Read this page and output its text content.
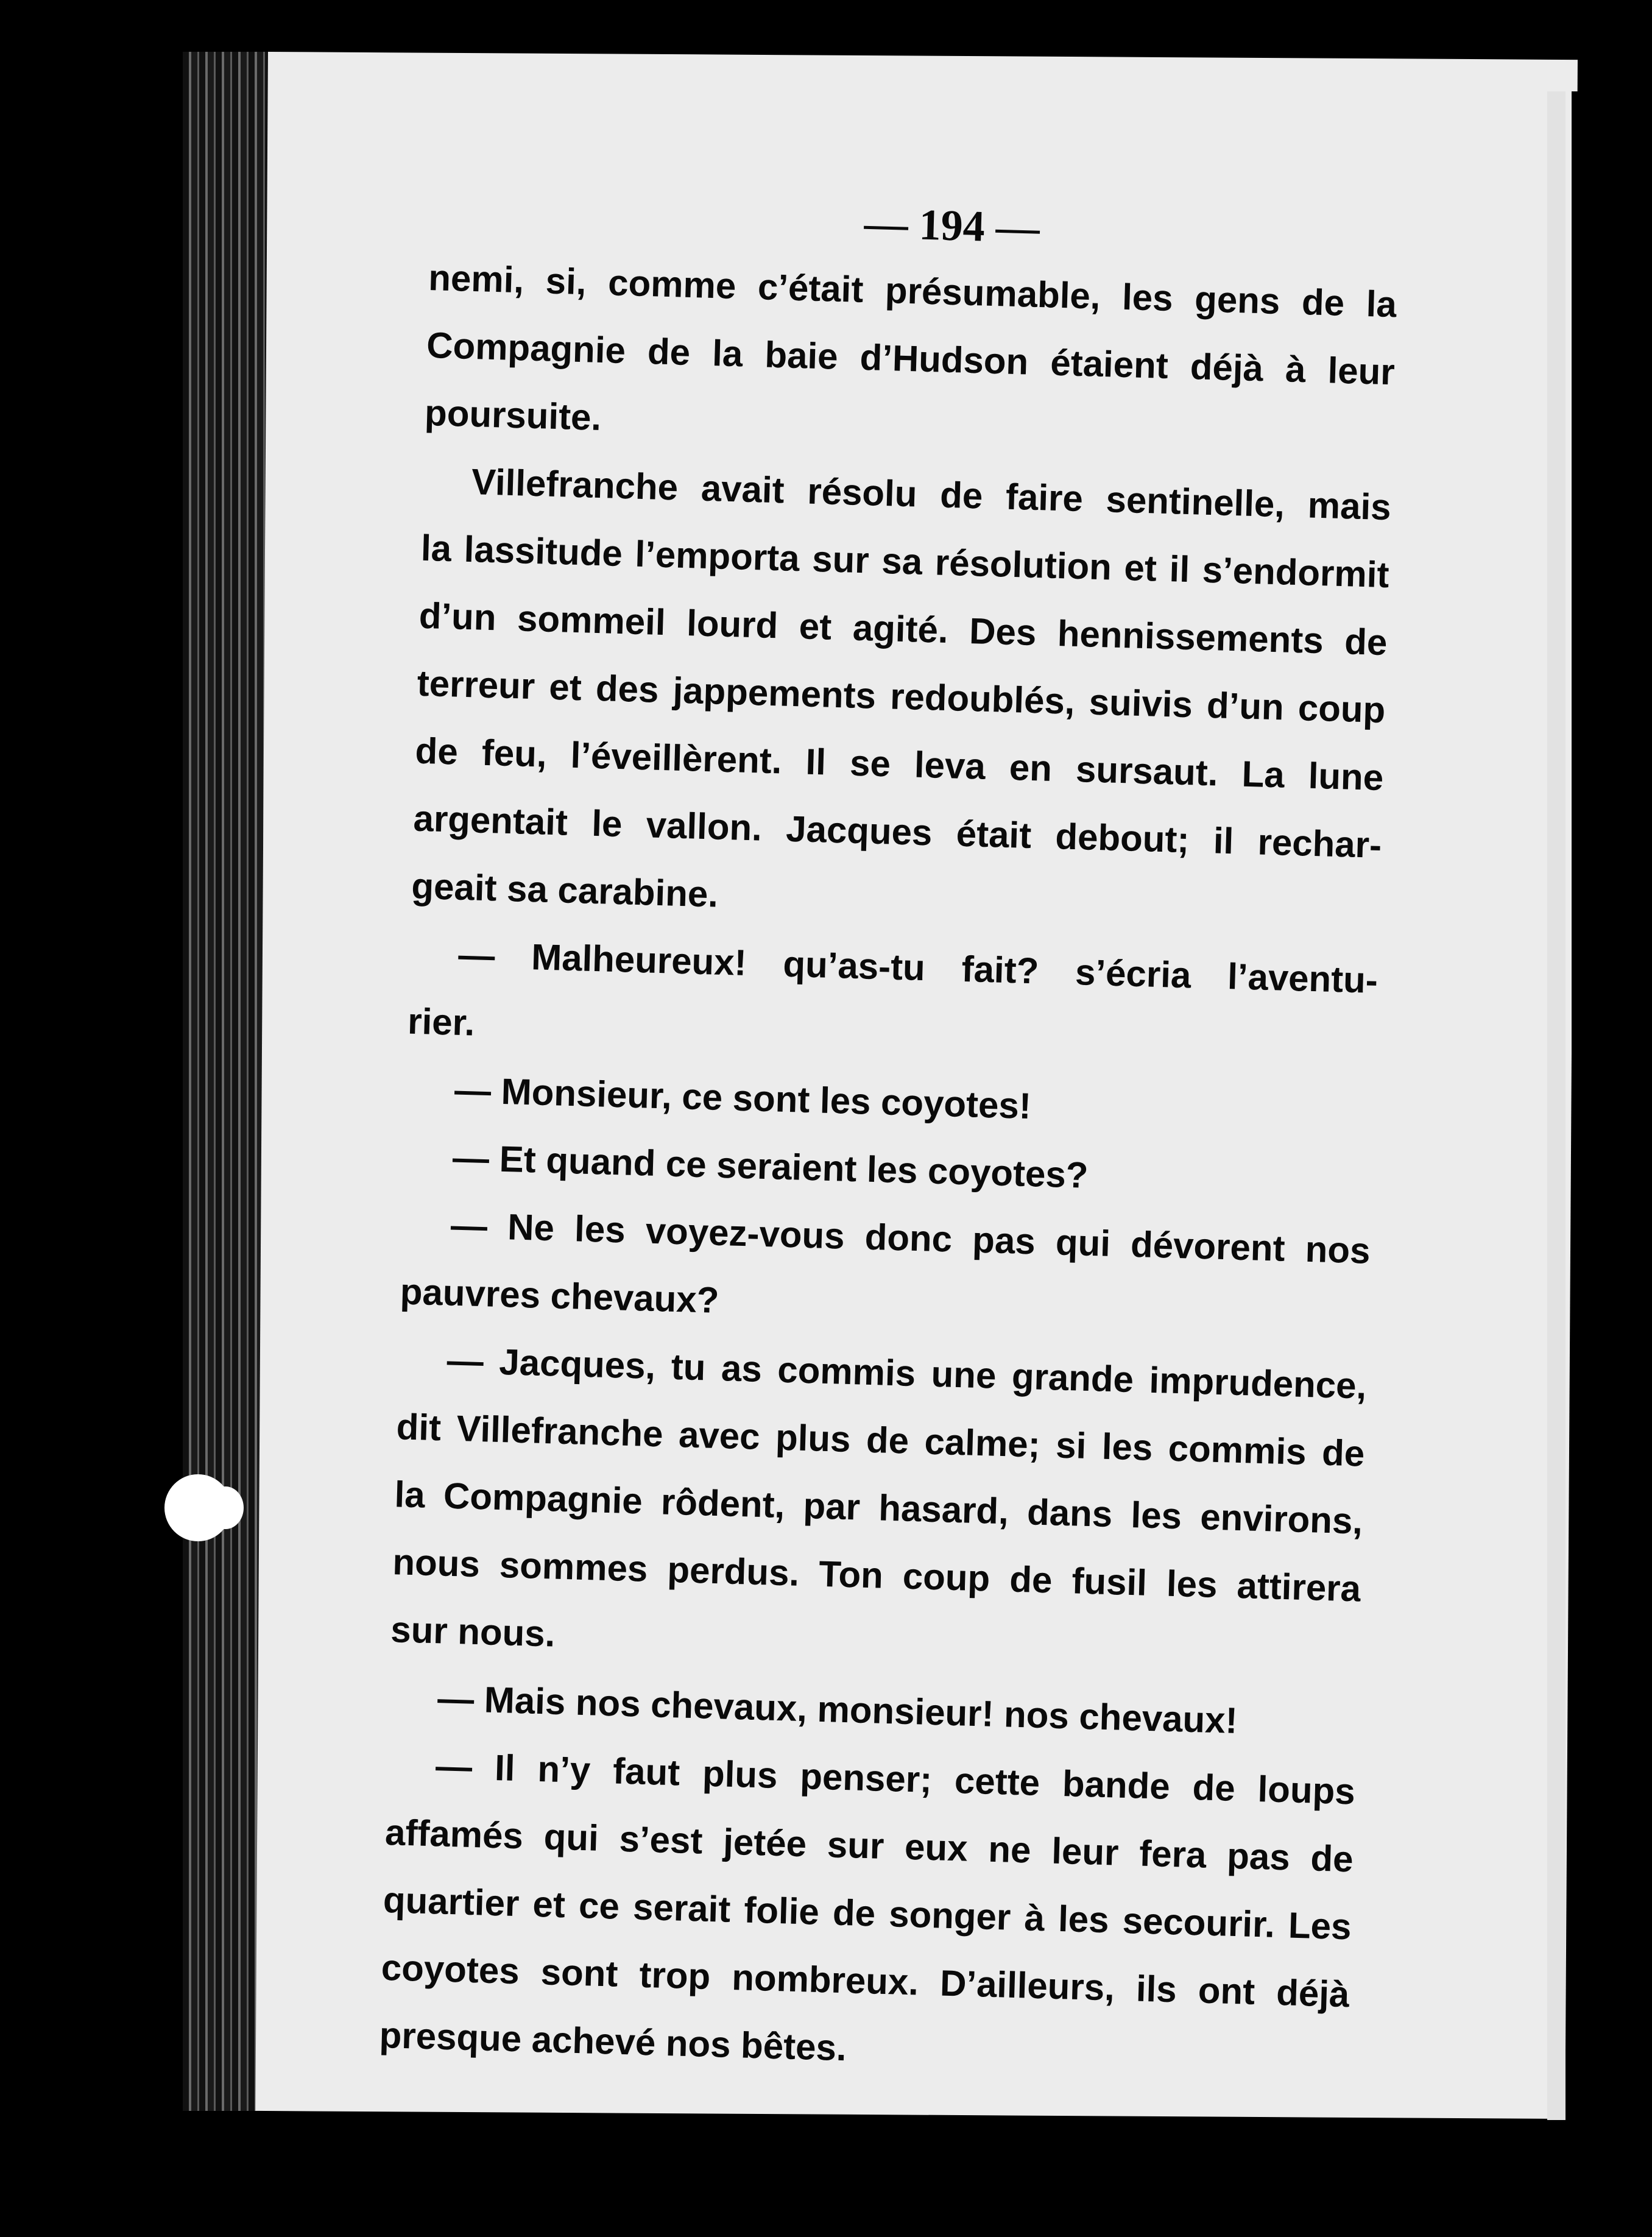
— 194 —
nemi, si, comme c’était présumable, les gens de la
Compagnie de la baie d’Hudson étaient déjà à leur
poursuite.
Villefranche avait résolu de faire sentinelle, mais
la lassitude l’emporta sur sa résolution et il s’endormit
d’un sommeil lourd et agité. Des hennissements de
terreur et des jappements redoublés, suivis d’un coup
de feu, l’éveillèrent. Il se leva en sursaut. La lune
argentait le vallon. Jacques était debout; il rechar-
geait sa carabine.
— Malheureux! qu’as-tu fait? s’écria l’aventu-
rier.
— Monsieur, ce sont les coyotes!
— Et quand ce seraient les coyotes?
— Ne les voyez-vous donc pas qui dévorent nos
pauvres chevaux?
— Jacques, tu as commis une grande imprudence,
dit Villefranche avec plus de calme; si les commis de
la Compagnie rôdent, par hasard, dans les environs,
nous sommes perdus. Ton coup de fusil les attirera
sur nous.
— Mais nos chevaux, monsieur! nos chevaux!
— Il n’y faut plus penser; cette bande de loups
affamés qui s’est jetée sur eux ne leur fera pas de
quartier et ce serait folie de songer à les secourir. Les
coyotes sont trop nombreux. D’ailleurs, ils ont déjà
presque achevé nos bêtes.
